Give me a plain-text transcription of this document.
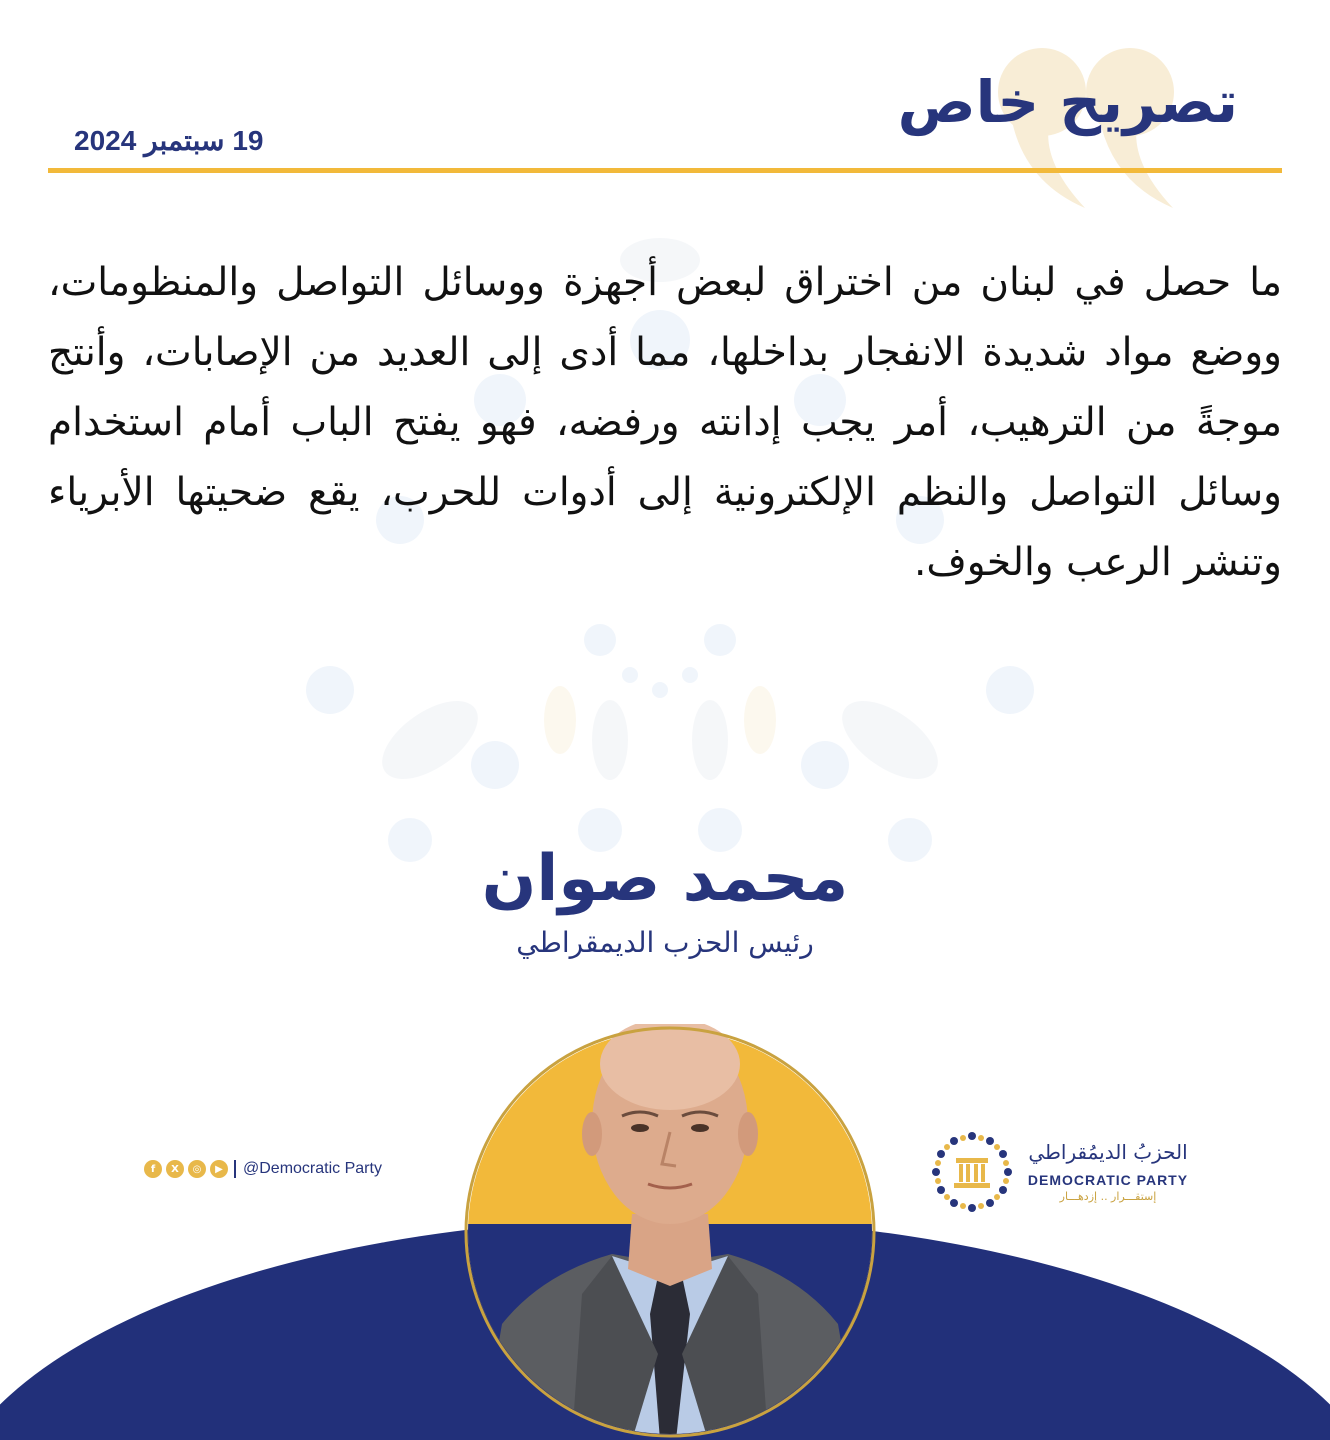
تصريح خاص
19 سبتمبر 2024

ما حصل في لبنان من اختراق لبعض أجهزة ووسائل التواصل والمنظومات، ووضع مواد شديدة الانفجار بداخلها، مما أدى إلى العديد من الإصابات، وأنتج موجةً من الترهيب، أمر يجب إدانته ورفضه، فهو يفتح الباب أمام استخدام وسائل التواصل والنظم الإلكترونية إلى أدوات للحرب، يقع ضحيتها الأبرياء وتنشر الرعب والخوف.

محمد صوان
رئيس الحزب الديمقراطي
f	X	◎	▶	@Democratic Party
الحزبُ الديمُقراطي
DEMOCRATIC PARTY
إستقـــرار .. إزدهـــار
